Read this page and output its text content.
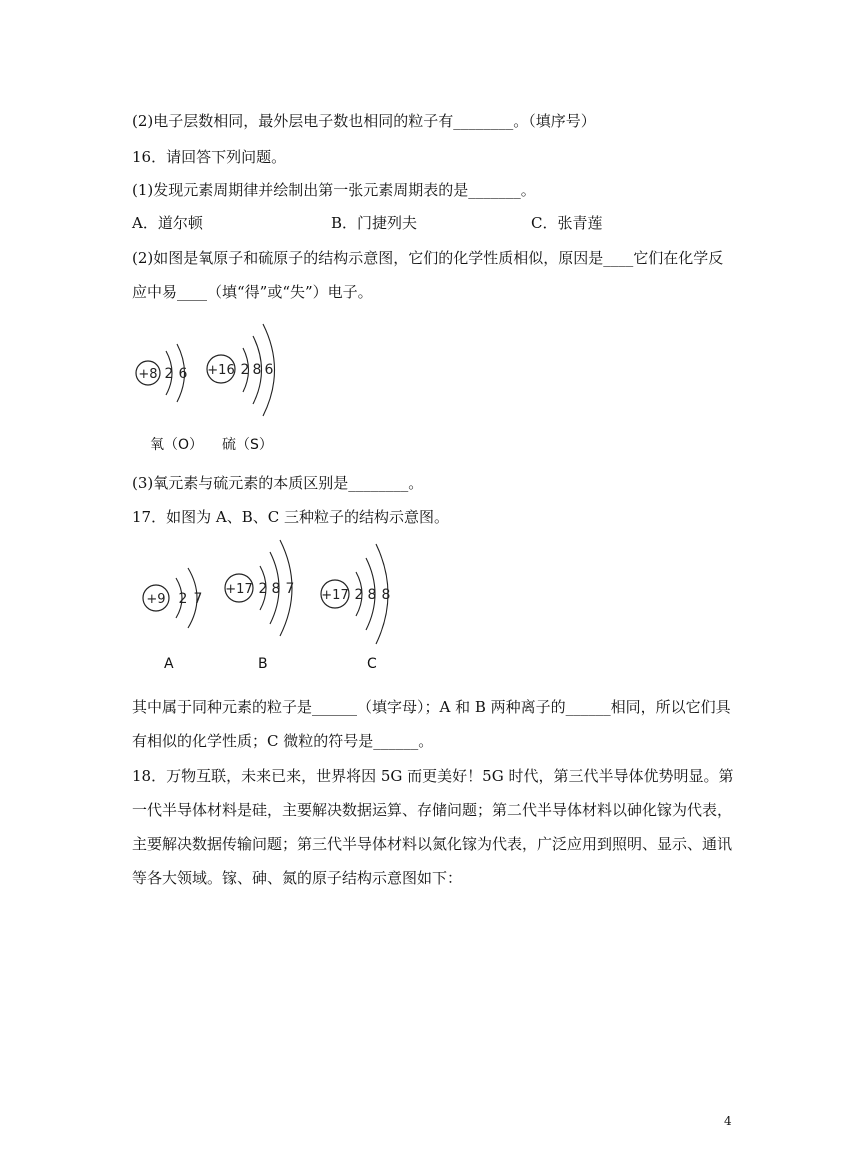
(2)电子层数相同，最外层电子数也相同的粒子有________。（填序号）
16．请回答下列问题。
(1)发现元素周期律并绘制出第一张元素周期表的是_______。
A．道尔顿	B．门捷列夫	C．张青莲
(2)如图是氧原子和硫原子的结构示意图，它们的化学性质相似，原因是____它们在化学反
应中易____（填“得”或“失”）电子。
+8 2 6 +16 2 8 6
氧（O） 硫（S）
(3)氧元素与硫元素的本质区别是________。
17．如图为 A、B、C 三种粒子的结构示意图。
+9 2 7
+17 2 8 7 +17 2 8 8
A	B	C
其中属于同种元素的粒子是______（填字母）；A 和 B 两种离子的______相同，所以它们具
有相似的化学性质；C 微粒的符号是______。
18．万物互联，未来已来，世界将因 5G 而更美好！5G 时代，第三代半导体优势明显。第
一代半导体材料是硅，主要解决数据运算、存储问题；第二代半导体材料以砷化镓为代表，
主要解决数据传输问题；第三代半导体材料以氮化镓为代表，广泛应用到照明、显示、通讯
等各大领域。镓、砷、氮的原子结构示意图如下：
4
